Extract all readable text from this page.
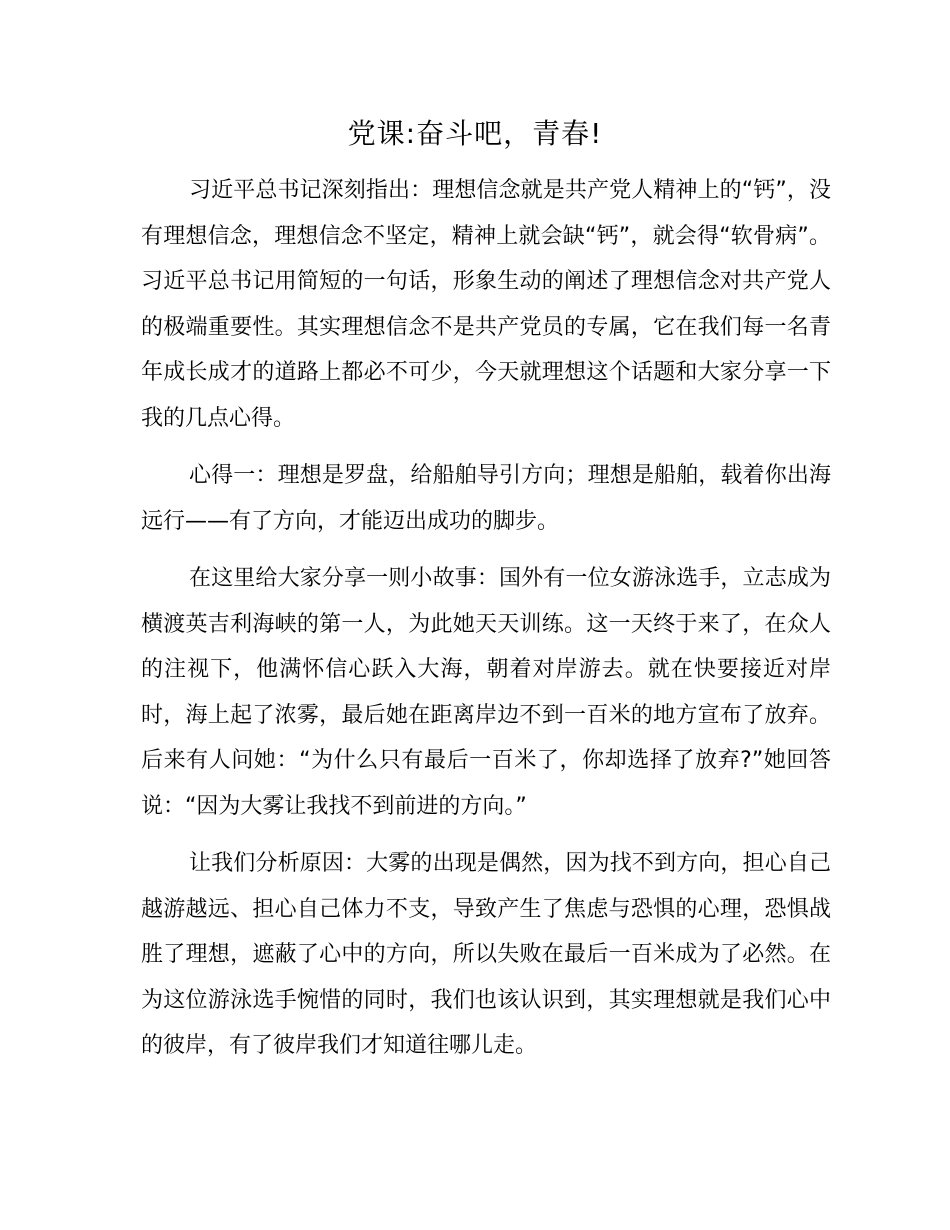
党课:奋斗吧，青春!

习近平总书记深刻指出：理想信念就是共产党人精神上的“钙”，没有理想信念，理想信念不坚定，精神上就会缺“钙”，就会得“软骨病”。习近平总书记用简短的一句话，形象生动的阐述了理想信念对共产党人的极端重要性。其实理想信念不是共产党员的专属，它在我们每一名青年成长成才的道路上都必不可少，今天就理想这个话题和大家分享一下我的几点心得。

心得一：理想是罗盘，给船舶导引方向；理想是船舶，载着你出海远行——有了方向，才能迈出成功的脚步。

在这里给大家分享一则小故事：国外有一位女游泳选手，立志成为横渡英吉利海峡的第一人，为此她天天训练。这一天终于来了，在众人的注视下，他满怀信心跃入大海，朝着对岸游去。就在快要接近对岸时，海上起了浓雾，最后她在距离岸边不到一百米的地方宣布了放弃。后来有人问她：“为什么只有最后一百米了，你却选择了放弃?”她回答说：“因为大雾让我找不到前进的方向。”

让我们分析原因：大雾的出现是偶然，因为找不到方向，担心自己越游越远、担心自己体力不支，导致产生了焦虑与恐惧的心理，恐惧战胜了理想，遮蔽了心中的方向，所以失败在最后一百米成为了必然。在为这位游泳选手惋惜的同时，我们也该认识到，其实理想就是我们心中的彼岸，有了彼岸我们才知道往哪儿走。
